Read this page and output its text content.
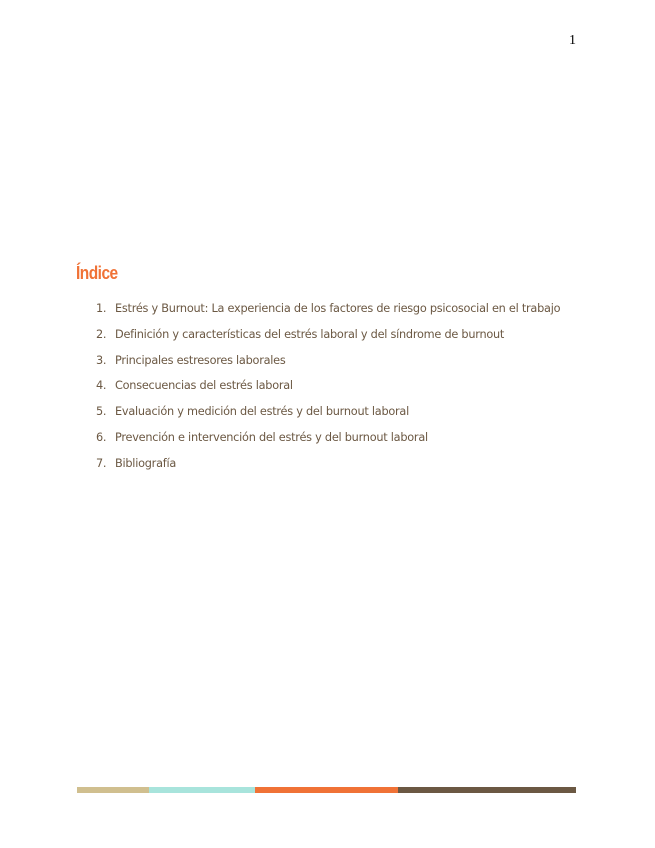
1
Índice
1. Estrés y Burnout: La experiencia de los factores de riesgo psicosocial en el trabajo
2. Definición y características del estrés laboral y del síndrome de burnout
3. Principales estresores laborales
4. Consecuencias del estrés laboral
5. Evaluación y medición del estrés y del burnout laboral
6. Prevención e intervención del estrés y del burnout laboral
7. Bibliografía
